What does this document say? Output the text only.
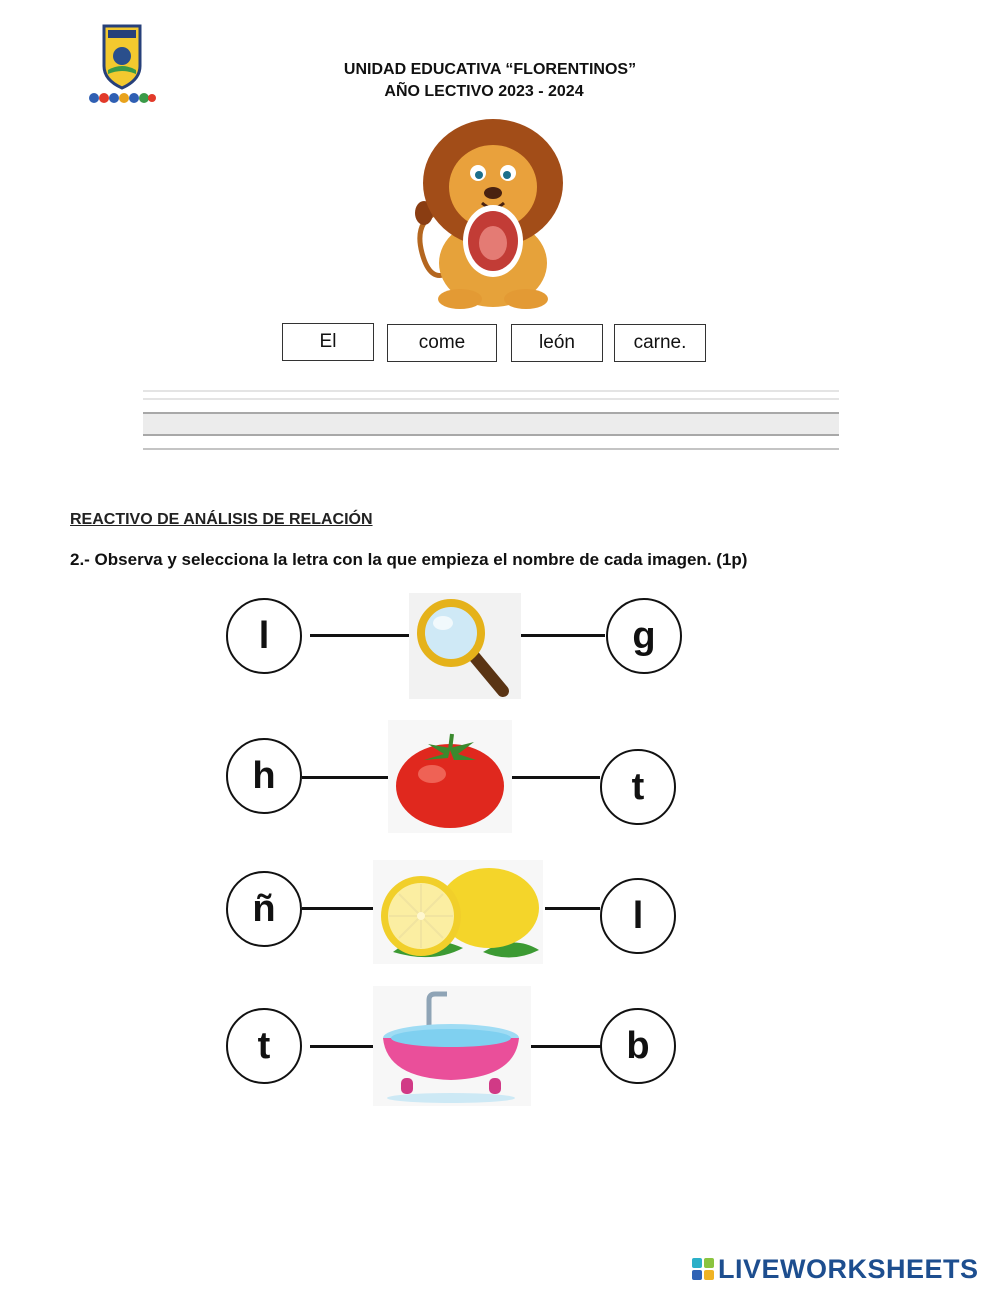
UNIDAD EDUCATIVA “FLORENTINOS”
AÑO LECTIVO 2023 - 2024
El	come	león	carne.
REACTIVO DE ANÁLISIS DE RELACIÓN
2.- Observa y selecciona la letra con la que empieza el nombre de cada imagen. (1p)
l	g
h	t
ñ	l
t	b
LIVEWORKSHEETS
